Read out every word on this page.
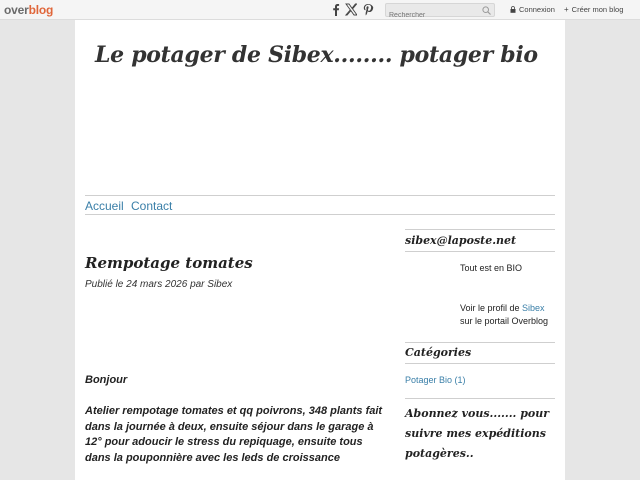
overblog
Rechercher	Connexion + Créer mon blog
Le potager de Sibex........ potager bio
Accueil Contact
Rempotage tomates
Publié le 24 mars 2026 par Sibex
Bonjour
Atelier rempotage tomates et qq poivrons, 348 plants fait dans la journée à deux, ensuite séjour dans le garage à 12° pour adoucir le stress du repiquage, ensuite tous dans la pouponnière avec les leds de croissance
sibex@laposte.net
Tout est en BIO
Voir le profil de Sibex
sur le portail Overblog
Catégories
Potager Bio (1)
Abonnez vous....... pour suivre mes expéditions potagères..
